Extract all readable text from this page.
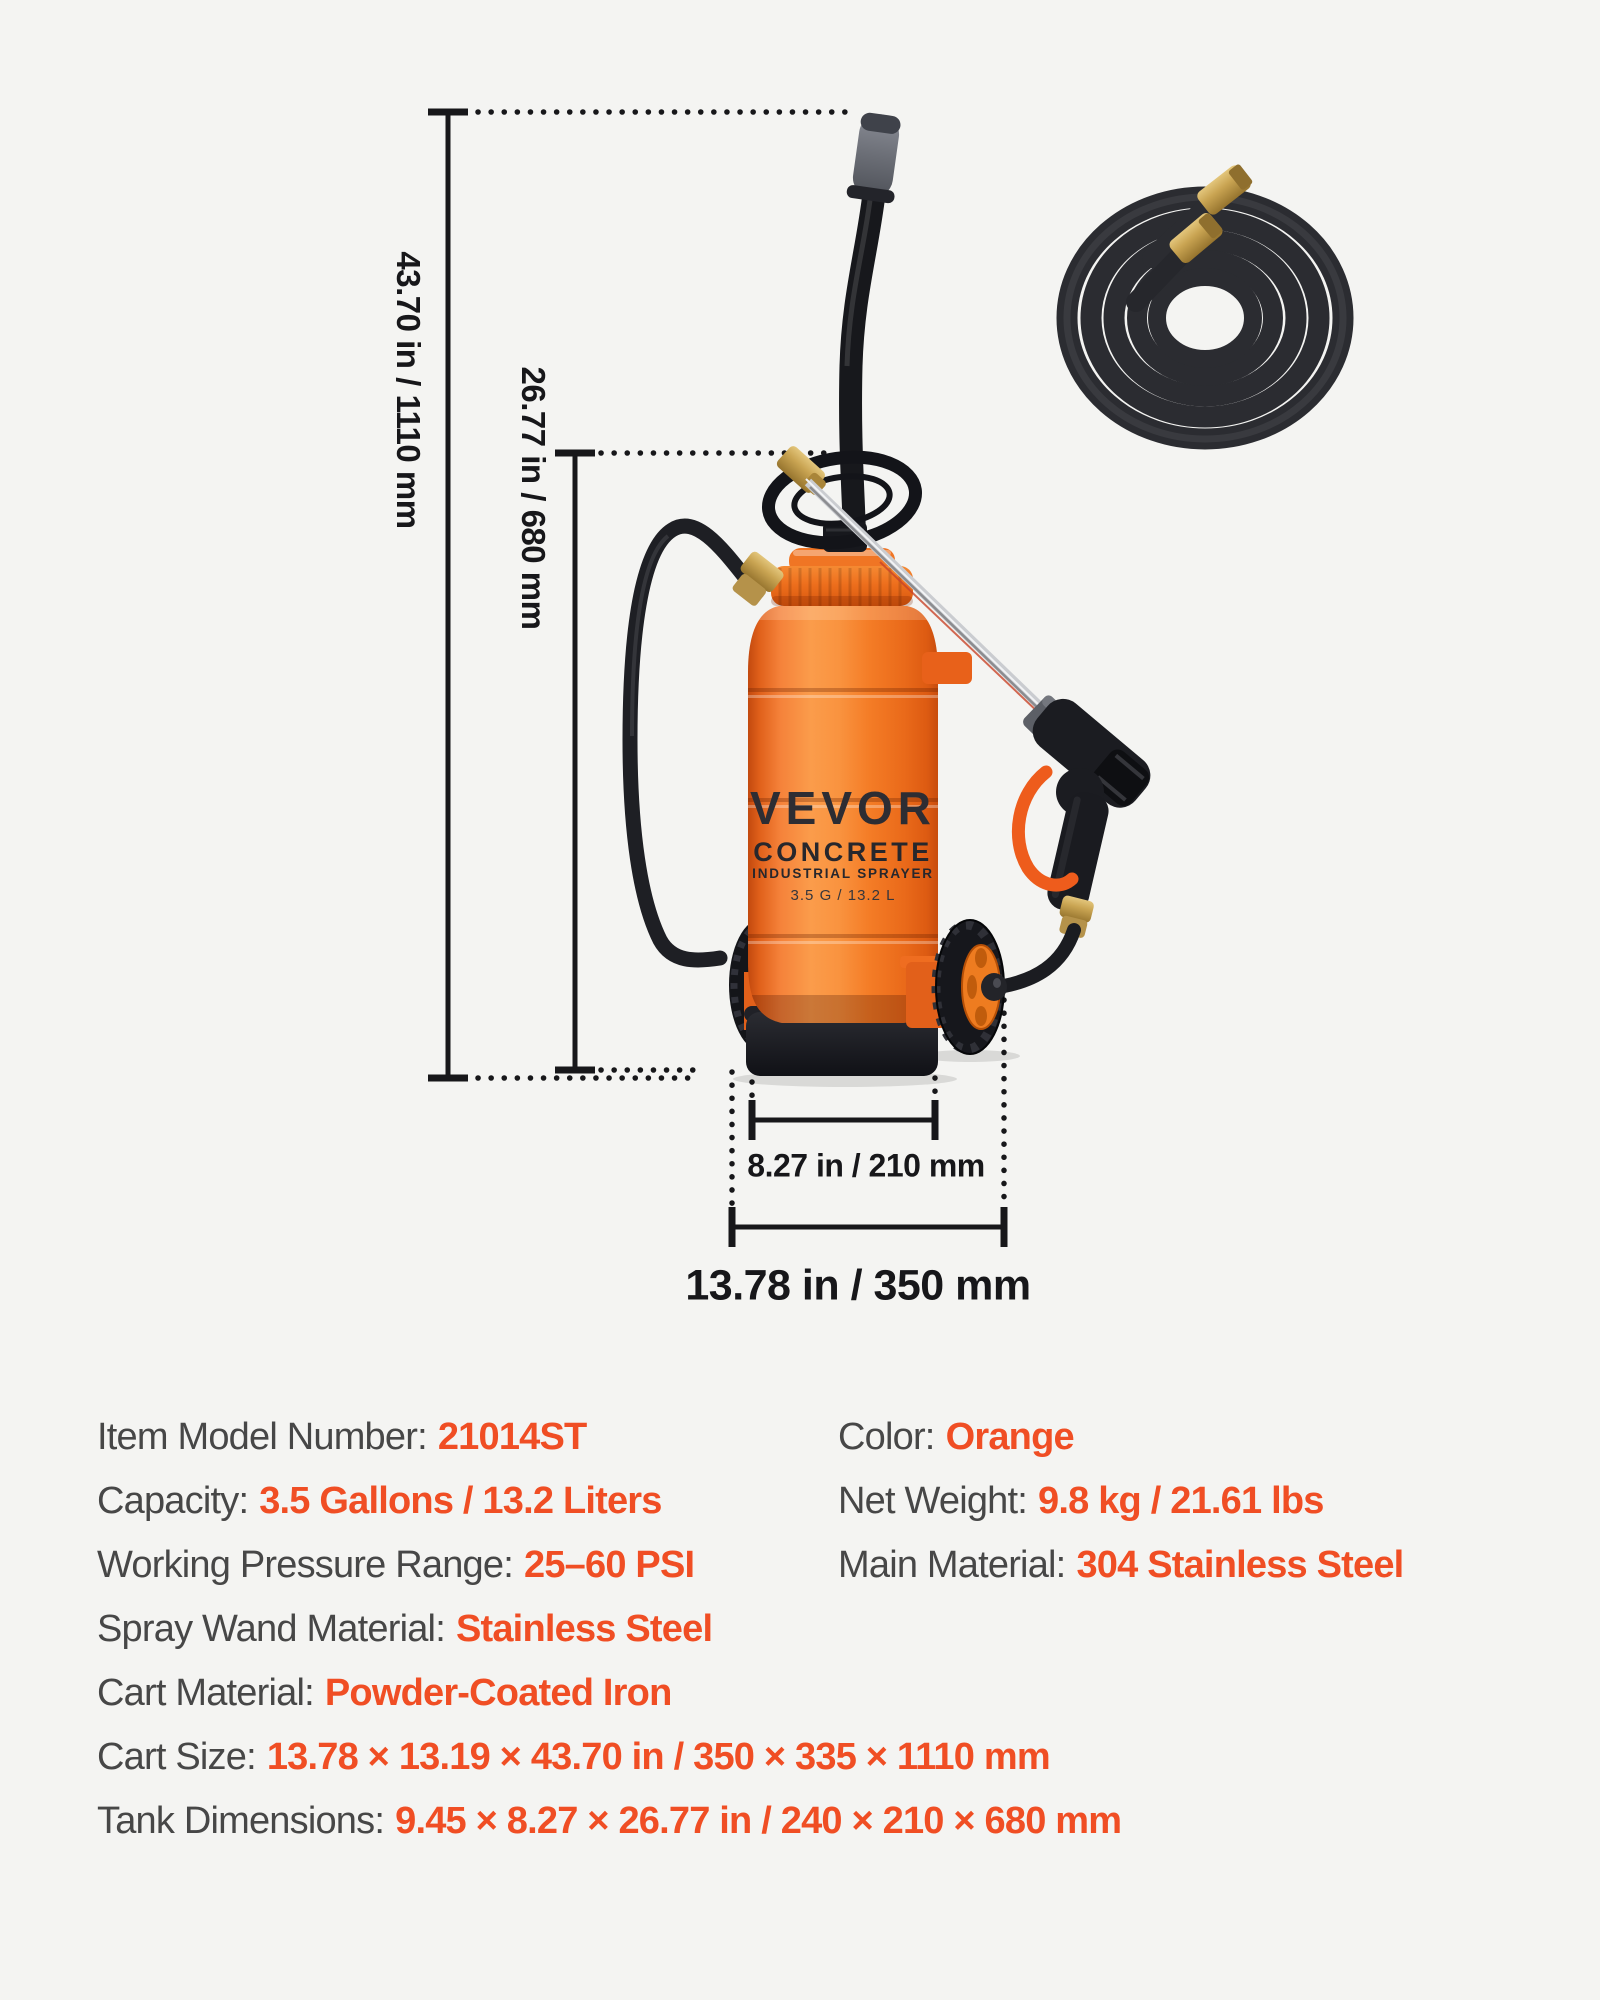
VEVOR
CONCRETE
INDUSTRIAL SPRAYER
3.5 G / 13.2 L
43.70 in / 1110 mm	26.77 in / 680 mm
8.27 in / 210 mm
13.78 in / 350 mm
Item Model Number: 21014ST
Capacity: 3.5 Gallons / 13.2 Liters
Working Pressure Range: 25–60 PSI
Spray Wand Material: Stainless Steel
Cart Material: Powder-Coated Iron
Cart Size: 13.78 × 13.19 × 43.70 in / 350 × 335 × 1110 mm
Tank Dimensions: 9.45 × 8.27 × 26.77 in / 240 × 210 × 680 mm
Color: Orange
Net Weight: 9.8 kg / 21.61 lbs
Main Material: 304 Stainless Steel
